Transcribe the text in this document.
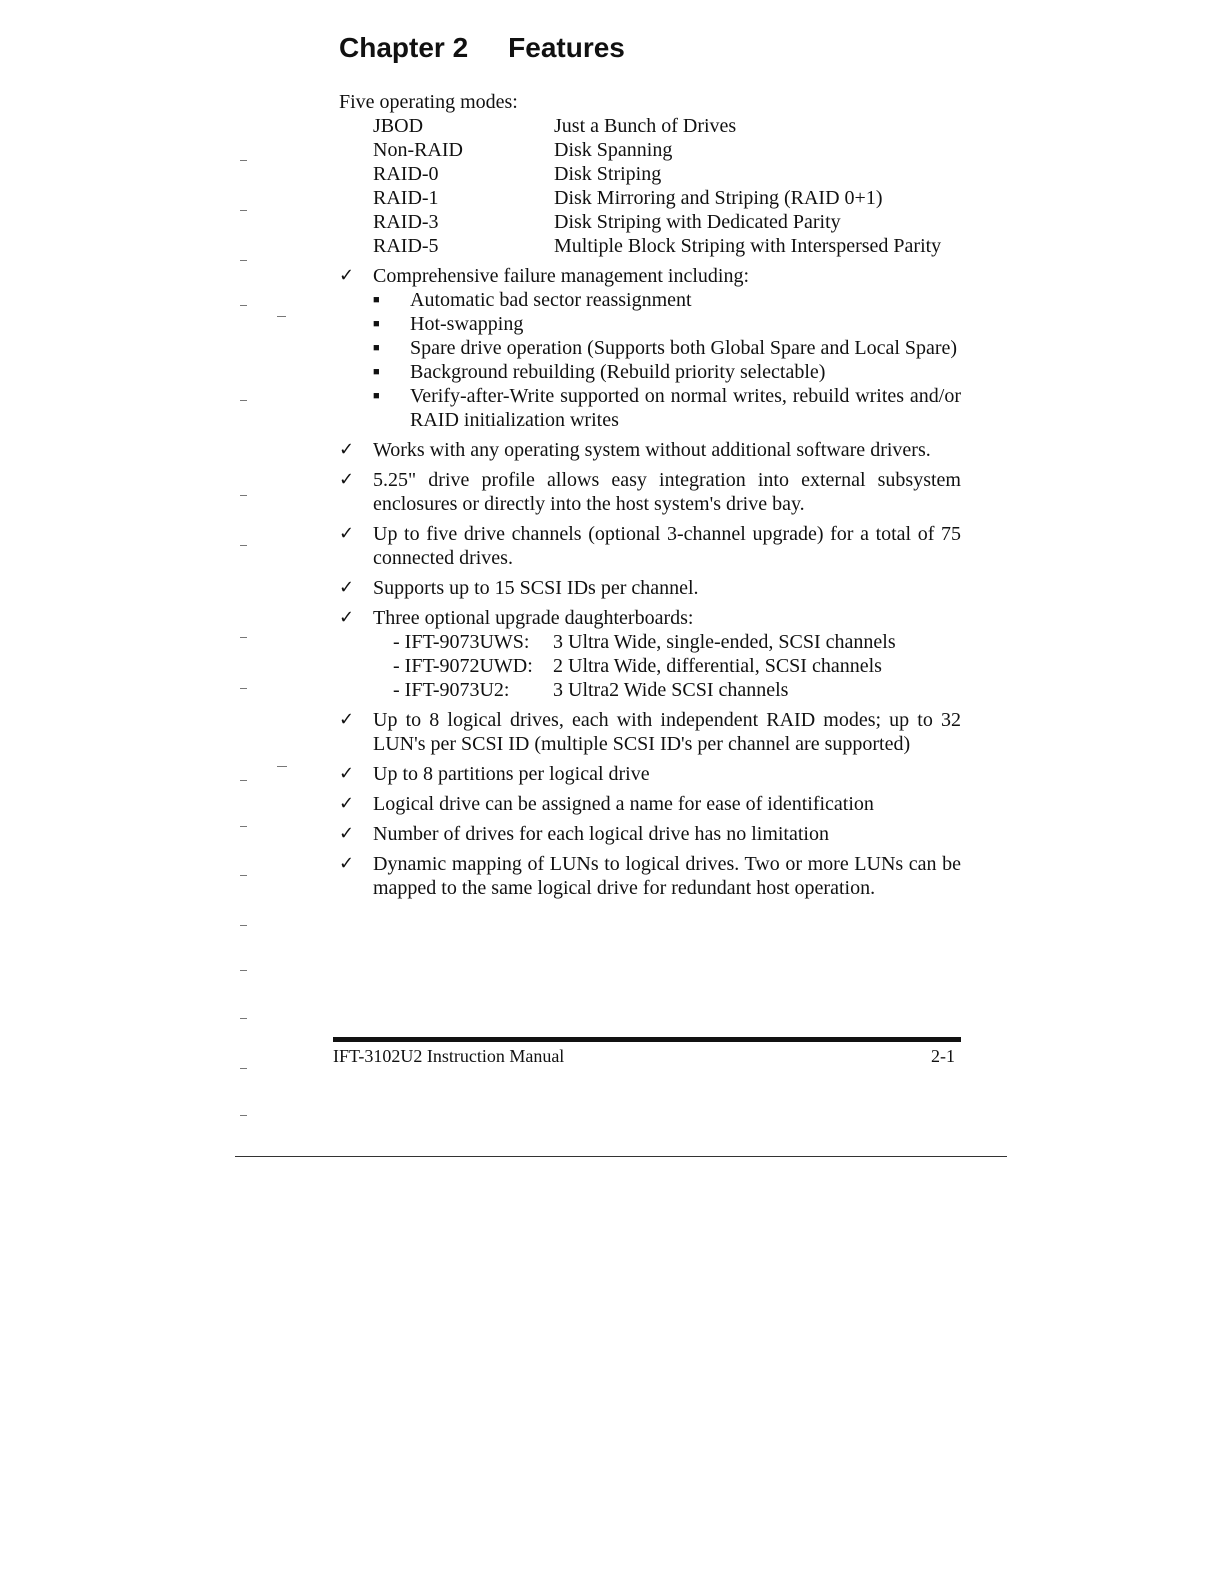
Chapter 2 Features

Five operating modes:

JBOD	Just a Bunch of Drives
Non-RAID	Disk Spanning
RAID-0	Disk Striping
RAID-1	Disk Mirroring and Striping (RAID 0+1)
RAID-3	Disk Striping with Dedicated Parity
RAID-5	Multiple Block Striping with Interspersed Parity
✓ Comprehensive failure management including:
■	Automatic bad sector reassignment
■	Hot-swapping
■	Spare drive operation (Supports both Global Spare and Local Spare)
■	Background rebuilding (Rebuild priority selectable)
■	Verify-after-Write supported on normal writes, rebuild writes and/or RAID initialization writes
✓ Works with any operating system without additional software drivers.
✓ 5.25" drive profile allows easy integration into external subsystem enclosures or directly into the host system's drive bay.
✓ Up to five drive channels (optional 3-channel upgrade) for a total of 75 connected drives.
✓ Supports up to 15 SCSI IDs per channel.
✓ Three optional upgrade daughterboards:
- IFT-9073UWS:	3 Ultra Wide, single-ended, SCSI channels
- IFT-9072UWD:	2 Ultra Wide, differential, SCSI channels
- IFT-9073U2:	3 Ultra2 Wide SCSI channels
✓ Up to 8 logical drives, each with independent RAID modes; up to 32 LUN's per SCSI ID (multiple SCSI ID's per channel are supported)
✓ Up to 8 partitions per logical drive
✓ Logical drive can be assigned a name for ease of identification
✓ Number of drives for each logical drive has no limitation
✓ Dynamic mapping of LUNs to logical drives. Two or more LUNs can be mapped to the same logical drive for redundant host operation.
IFT-3102U2 Instruction Manual	2-1
